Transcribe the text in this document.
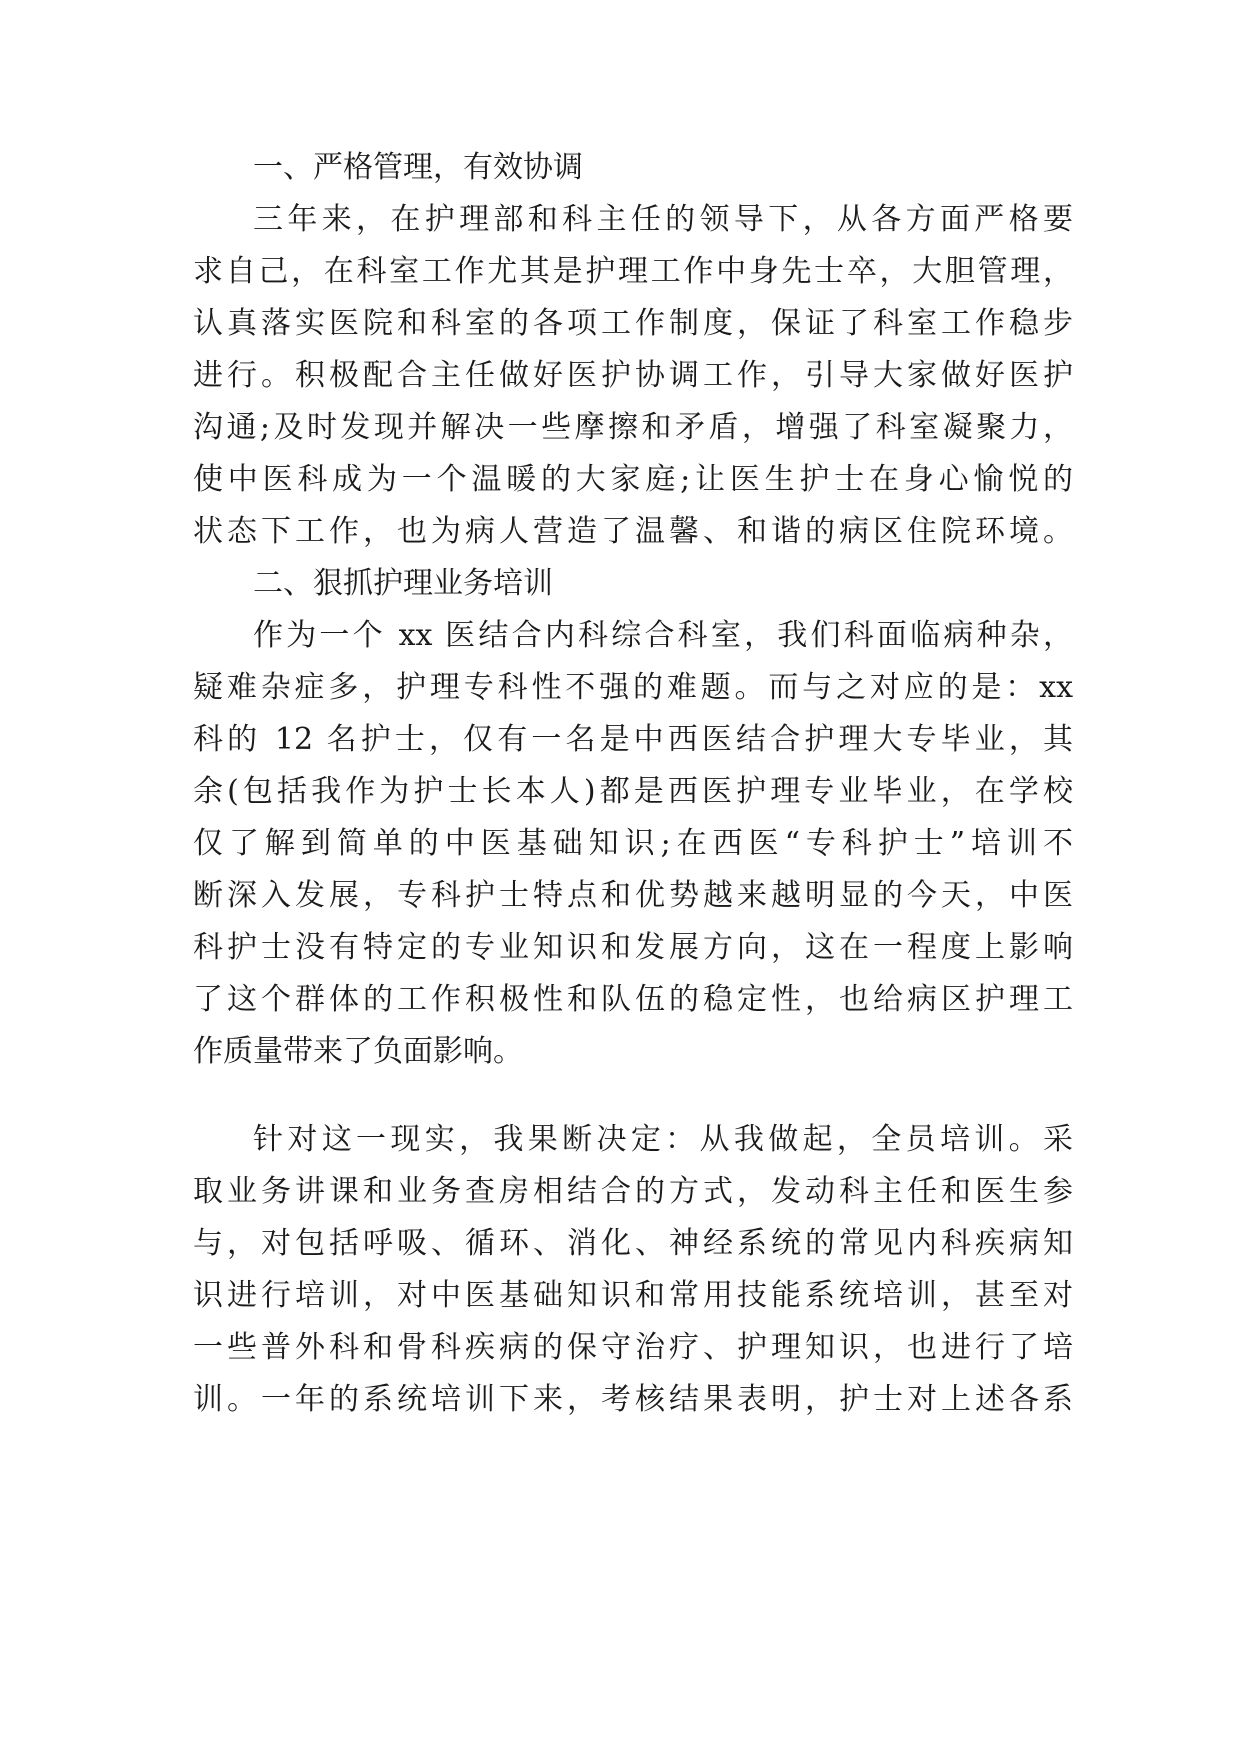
一、严格管理，有效协调
三年来，在护理部和科主任的领导下，从各方面严格要
求自己，在科室工作尤其是护理工作中身先士卒，大胆管理，
认真落实医院和科室的各项工作制度，保证了科室工作稳步
进行。积极配合主任做好医护协调工作，引导大家做好医护
沟通;及时发现并解决一些摩擦和矛盾，增强了科室凝聚力，
使中医科成为一个温暖的大家庭;让医生护士在身心愉悦的
状态下工作，也为病人营造了温馨、和谐的病区住院环境。
二、狠抓护理业务培训
作为一个 xx 医结合内科综合科室，我们科面临病种杂，
疑难杂症多，护理专科性不强的难题。而与之对应的是：xx
科的 12 名护士，仅有一名是中西医结合护理大专毕业，其
余(包括我作为护士长本人)都是西医护理专业毕业，在学校
仅了解到简单的中医基础知识;在西医“专科护士”培训不
断深入发展，专科护士特点和优势越来越明显的今天，中医
科护士没有特定的专业知识和发展方向，这在一程度上影响
了这个群体的工作积极性和队伍的稳定性，也给病区护理工
作质量带来了负面影响。
针对这一现实，我果断决定：从我做起，全员培训。采
取业务讲课和业务查房相结合的方式，发动科主任和医生参
与，对包括呼吸、循环、消化、神经系统的常见内科疾病知
识进行培训，对中医基础知识和常用技能系统培训，甚至对
一些普外科和骨科疾病的保守治疗、护理知识，也进行了培
训。一年的系统培训下来，考核结果表明，护士对上述各系
